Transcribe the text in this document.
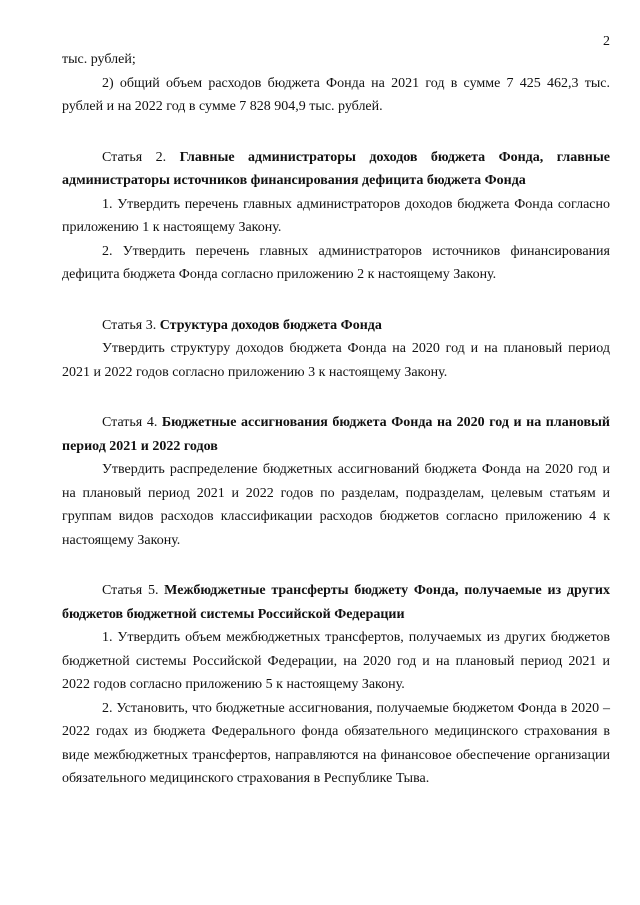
2

тыс. рублей;

2) общий объем расходов бюджета Фонда на 2021 год в сумме 7 425 462,3 тыс. рублей и на 2022 год в сумме 7 828 904,9 тыс. рублей.

Статья 2. Главные администраторы доходов бюджета Фонда, главные администраторы источников финансирования дефицита бюджета Фонда

1. Утвердить перечень главных администраторов доходов бюджета Фонда согласно приложению 1 к настоящему Закону.

2. Утвердить перечень главных администраторов источников финансирования дефицита бюджета Фонда согласно приложению 2 к настоящему Закону.

Статья 3. Структура доходов бюджета Фонда

Утвердить структуру доходов бюджета Фонда на 2020 год и на плановый период 2021 и 2022 годов согласно приложению 3 к настоящему Закону.

Статья 4. Бюджетные ассигнования бюджета Фонда на 2020 год и на плановый период 2021 и 2022 годов

Утвердить распределение бюджетных ассигнований бюджета Фонда на 2020 год и на плановый период 2021 и 2022 годов по разделам, подразделам, целевым статьям и группам видов расходов классификации расходов бюджетов согласно приложению 4 к настоящему Закону.

Статья 5. Межбюджетные трансферты бюджету Фонда, получаемые из других бюджетов бюджетной системы Российской Федерации

1. Утвердить объем межбюджетных трансфертов, получаемых из других бюджетов бюджетной системы Российской Федерации, на 2020 год и на плановый период 2021 и 2022 годов согласно приложению 5 к настоящему Закону.

2. Установить, что бюджетные ассигнования, получаемые бюджетом Фонда в 2020 – 2022 годах из бюджета Федерального фонда обязательного медицинского страхования в виде межбюджетных трансфертов, направляются на финансовое обеспечение организации обязательного медицинского страхования в Республике Тыва.
